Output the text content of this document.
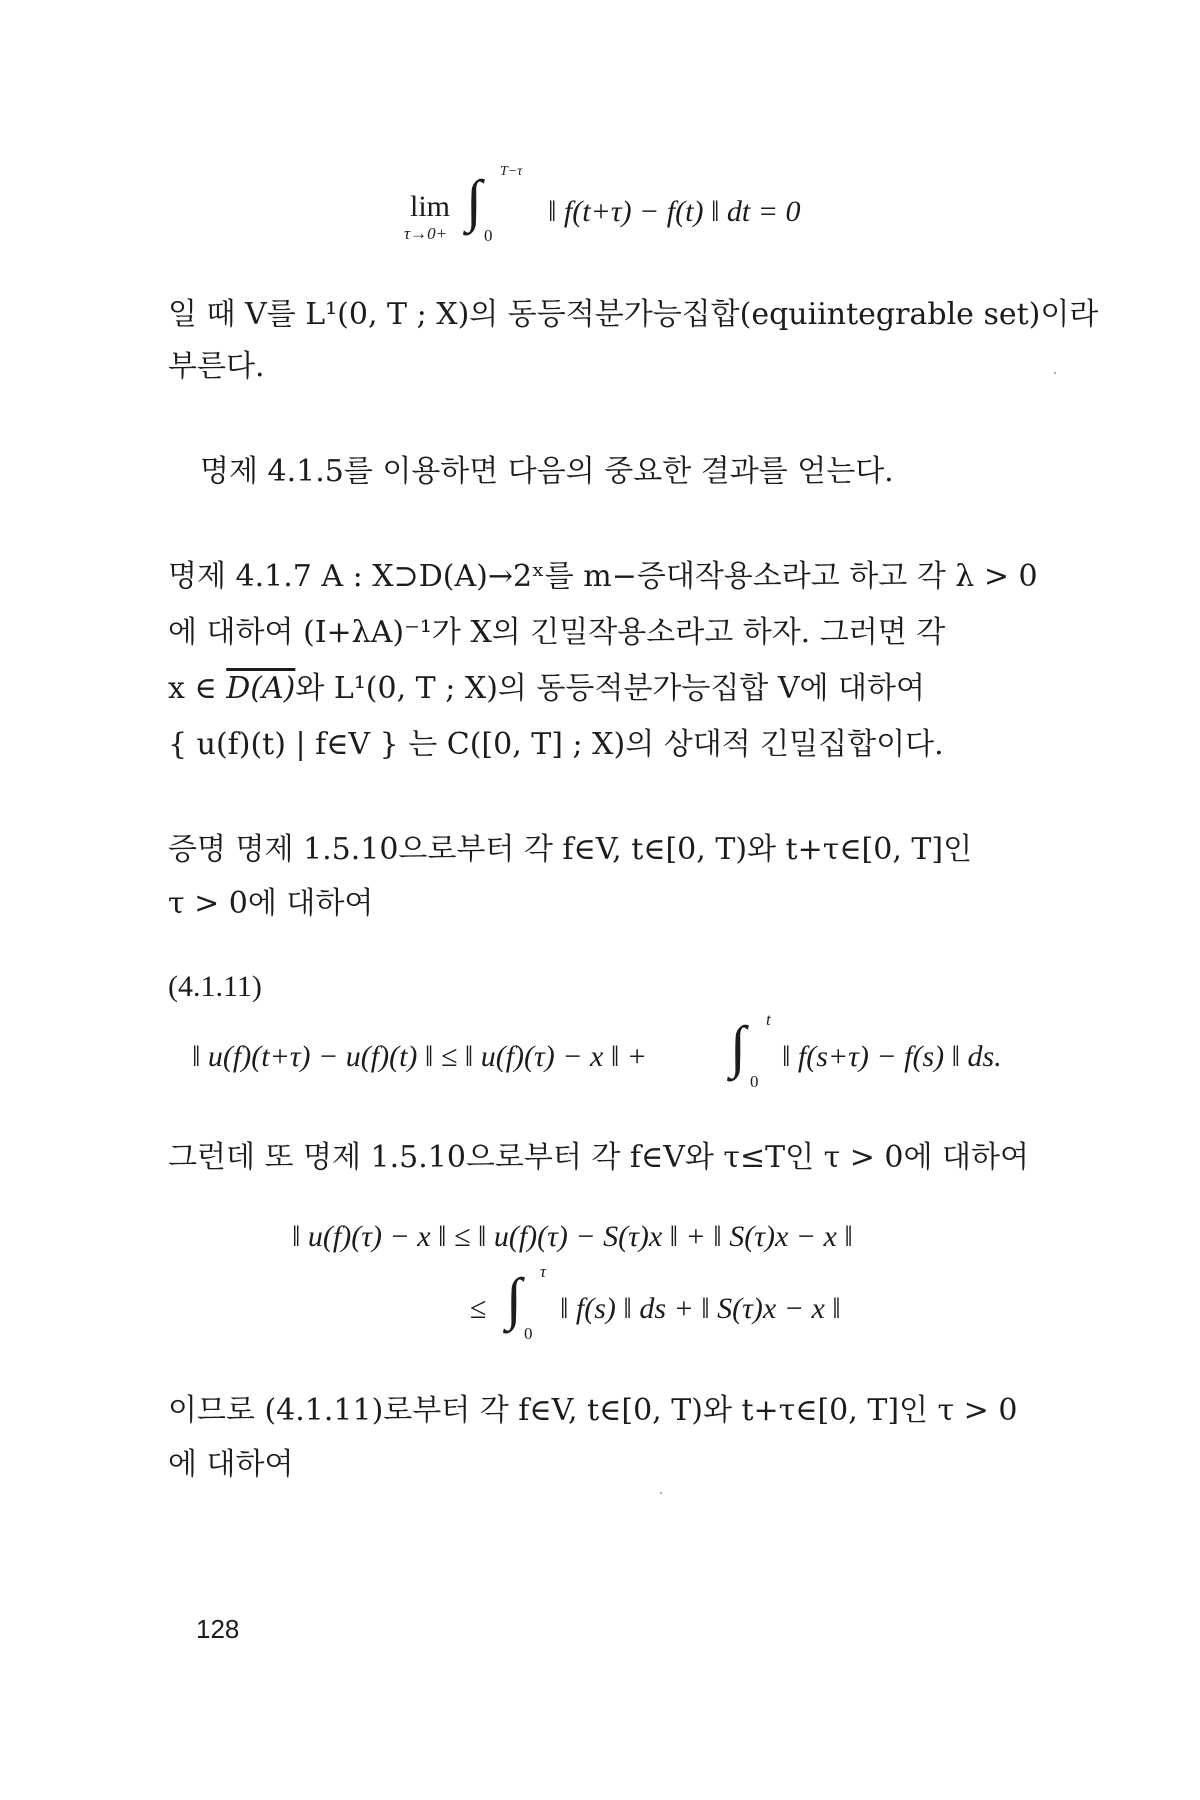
lim
τ→0+
∫ T−τ
0
‖ f(t+τ) − f(t) ‖ dt = 0
일 때 V를 L¹(0, T ; X)의 동등적분가능집합(equiintegrable set)이라
부른다.
명제 4.1.5를 이용하면 다음의 중요한 결과를 얻는다.
명제 4.1.7 A : X⊃D(A)→2ˣ를 m−증대작용소라고 하고 각 λ > 0
에 대하여 (I+λA)⁻¹가 X의 긴밀작용소라고 하자. 그러면 각
x ∈ D(A)와 L¹(0, T ; X)의 동등적분가능집합 V에 대하여
{ u(f)(t) | f∈V } 는 C([0, T] ; X)의 상대적 긴밀집합이다.
증명 명제 1.5.10으로부터 각 f∈V, t∈[0, T)와 t+τ∈[0, T]인
τ > 0에 대하여
(4.1.11)
‖ u(f)(t+τ) − u(f)(t) ‖ ≤ ‖ u(f)(τ) − x ‖ + ∫ t
0
‖ f(s+τ) − f(s) ‖ ds.
그런데 또 명제 1.5.10으로부터 각 f∈V와 τ≤T인 τ > 0에 대하여
‖ u(f)(τ) − x ‖ ≤ ‖ u(f)(τ) − S(τ)x ‖ + ‖ S(τ)x − x ‖
≤ ∫ τ
0
‖ f(s) ‖ ds + ‖ S(τ)x − x ‖
이므로 (4.1.11)로부터 각 f∈V, t∈[0, T)와 t+τ∈[0, T]인 τ > 0
에 대하여
128
